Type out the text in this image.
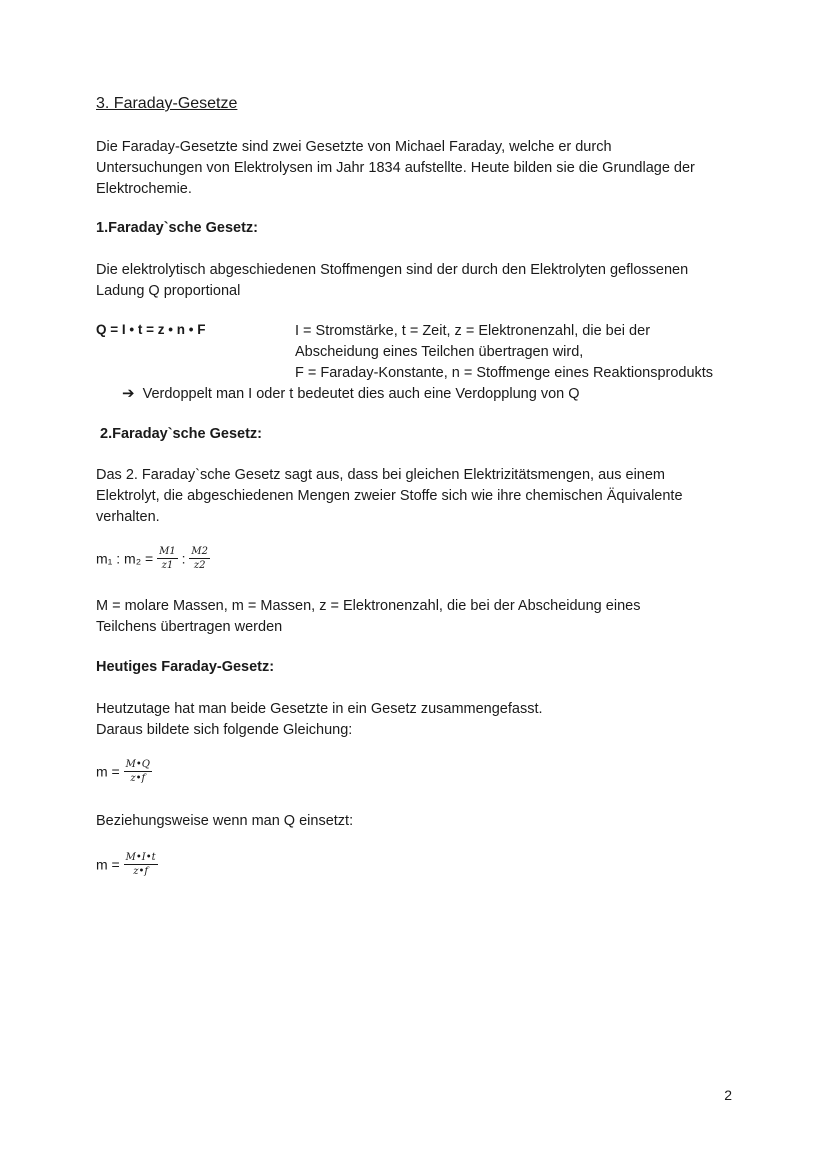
3. Faraday-Gesetze
Die Faraday-Gesetzte sind zwei Gesetzte von Michael Faraday, welche er durch
Untersuchungen von Elektrolysen im Jahr 1834 aufstellte. Heute bilden sie die Grundlage der
Elektrochemie.
1.Faraday`sche Gesetz:
Die elektrolytisch abgeschiedenen Stoffmengen sind der durch den Elektrolyten geflossenen
Ladung Q proportional
Q = I • t = z • n • F	I = Stromstärke, t = Zeit, z = Elektronenzahl, die bei der
Abscheidung eines Teilchen übertragen wird,
F = Faraday-Konstante, n = Stoffmenge eines Reaktionsprodukts
➔ Verdoppelt man I oder t bedeutet dies auch eine Verdopplung von Q
2.Faraday`sche Gesetz:
Das 2. Faraday`sche Gesetz sagt aus, dass bei gleichen Elektrizitätsmengen, aus einem
Elektrolyt, die abgeschiedenen Mengen zweier Stoffe sich wie ihre chemischen Äquivalente
verhalten.
m₁ : $m_2 = \frac{M1}{z1}$ : $\frac{M2}{z2}$
M = molare Massen, m = Massen, z = Elektronenzahl, die bei der Abscheidung eines
Teilchens übertragen werden
Heutiges Faraday-Gesetz:
Heutzutage hat man beide Gesetzte in ein Gesetz zusammengefasst.
Daraus bildete sich folgende Gleichung:
$m = \frac{M•Q}{z•f}$
Beziehungsweise wenn man Q einsetzt:
$m = \frac{M•I•t}{z•f}$
2
